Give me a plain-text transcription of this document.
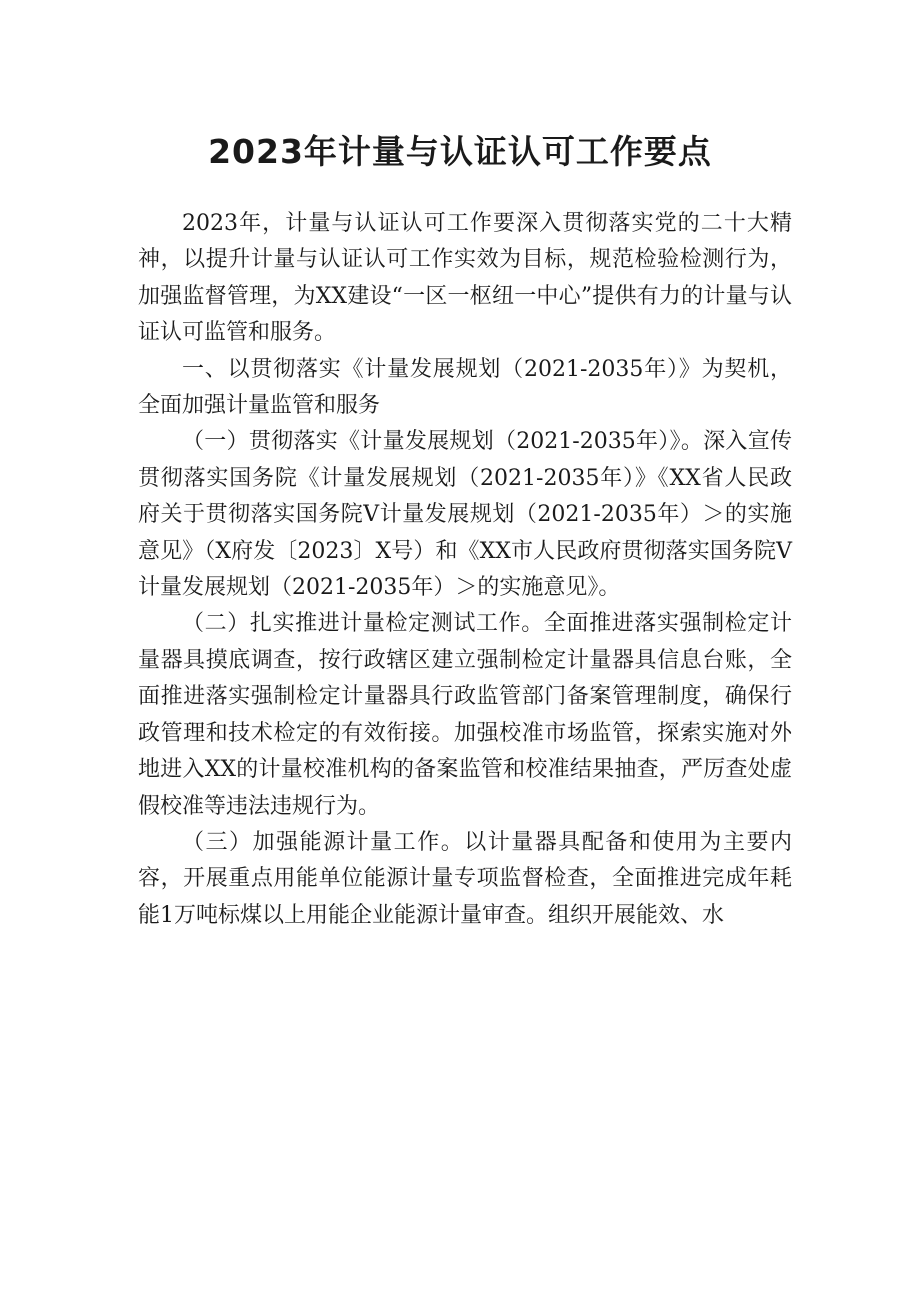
2023年计量与认证认可工作要点

2023年，计量与认证认可工作要深入贯彻落实党的二十大精神，以提升计量与认证认可工作实效为目标，规范检验检测行为，加强监督管理，为XX建设“一区一枢纽一中心”提供有力的计量与认证认可监管和服务。

一、以贯彻落实《计量发展规划（2021-2035年）》为契机，全面加强计量监管和服务

（一）贯彻落实《计量发展规划（2021-2035年）》。深入宣传贯彻落实国务院《计量发展规划（2021-2035年）》《XX省人民政府关于贯彻落实国务院V计量发展规划（2021-2035年）＞的实施意见》（X府发〔2023〕X号）和《XX市人民政府贯彻落实国务院V计量发展规划（2021-2035年）＞的实施意见》。

（二）扎实推进计量检定测试工作。全面推进落实强制检定计量器具摸底调查，按行政辖区建立强制检定计量器具信息台账，全面推进落实强制检定计量器具行政监管部门备案管理制度，确保行政管理和技术检定的有效衔接。加强校准市场监管，探索实施对外地进入XX的计量校准机构的备案监管和校准结果抽查，严厉查处虚假校准等违法违规行为。

（三）加强能源计量工作。以计量器具配备和使用为主要内容，开展重点用能单位能源计量专项监督检查，全面推进完成年耗能1万吨标煤以上用能企业能源计量审查。组织开展能效、水
